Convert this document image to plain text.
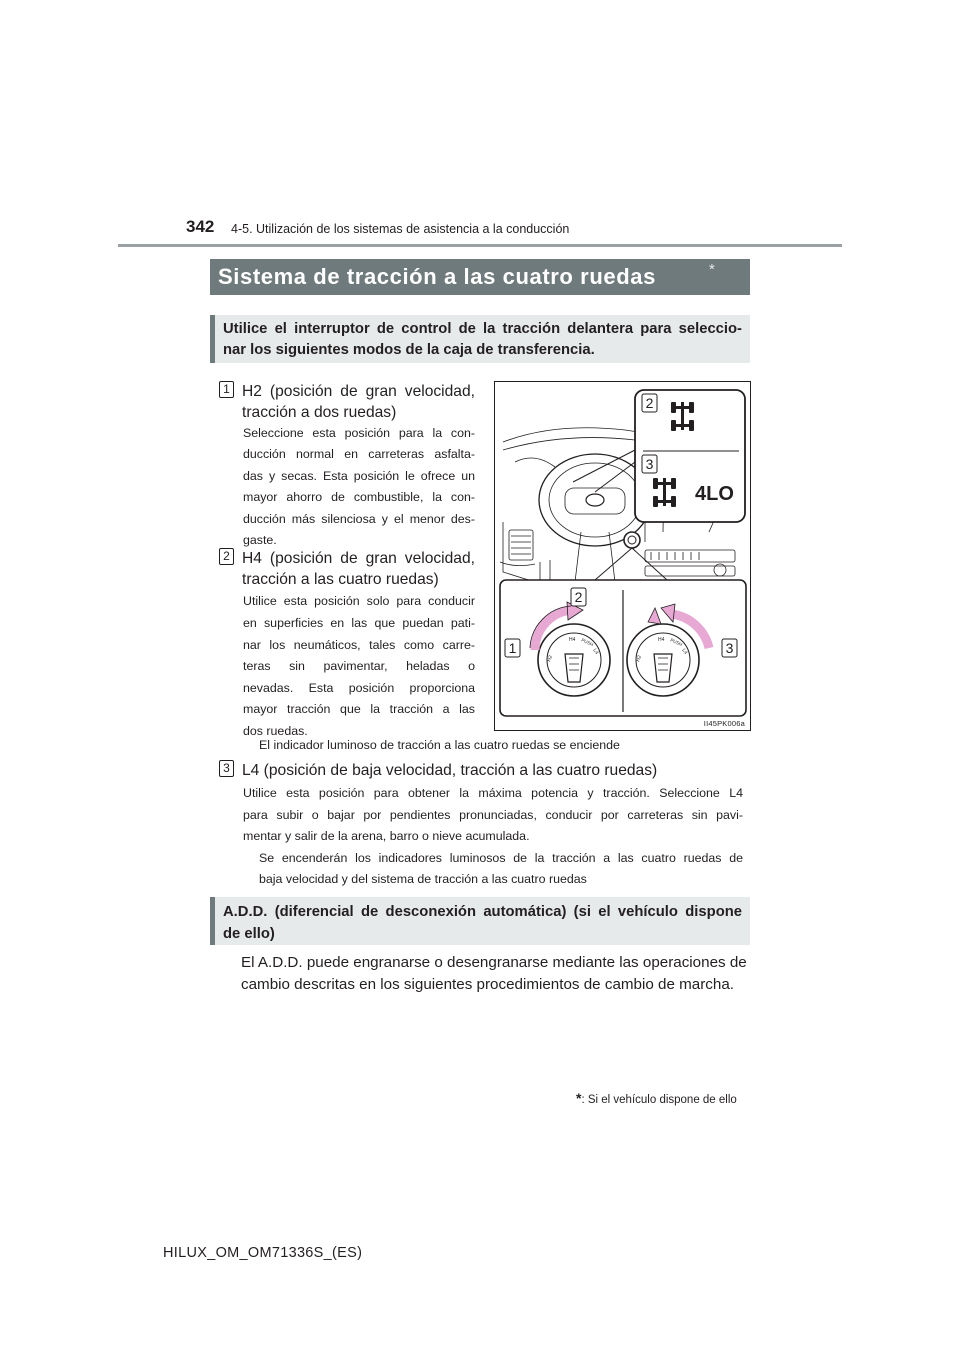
342 4-5. Utilización de los sistemas de asistencia a la conducción
Sistema de tracción a las cuatro ruedas	*
Utilice el interruptor de control de la tracción delantera para seleccio-
nar los siguientes modos de la caja de transferencia.
1 H2 (posición de gran velocidad,
tracción a dos ruedas)
Seleccione esta posición para la con-
ducción normal en carreteras asfalta-
das y secas. Esta posición le ofrece un
mayor ahorro de combustible, la con-
ducción más silenciosa y el menor des-
gaste.
2 H4 (posición de gran velocidad,
tracción a las cuatro ruedas)
Utilice esta posición solo para conducir
en superficies en las que puedan pati-
nar los neumáticos, tales como carre-
teras sin pavimentar, heladas o
nevadas. Esta posición proporciona
mayor tracción que la tracción a las
dos ruedas.
El indicador luminoso de tracción a las cuatro ruedas se enciende
4LO
2
3
H2
H4 PUSH
L4
H2
H4 PUSH
L4
2
1	3
II45PK006a
3 L4 (posición de baja velocidad, tracción a las cuatro ruedas)
Utilice esta posición para obtener la máxima potencia y tracción. Seleccione L4
para subir o bajar por pendientes pronunciadas, conducir por carreteras sin pavi-
mentar y salir de la arena, barro o nieve acumulada.
Se encenderán los indicadores luminosos de la tracción a las cuatro ruedas de
baja velocidad y del sistema de tracción a las cuatro ruedas
A.D.D. (diferencial de desconexión automática) (si el vehículo dispone
de ello)
El A.D.D. puede engranarse o desengranarse mediante las operaciones de
cambio descritas en los siguientes procedimientos de cambio de marcha.
*: Si el vehículo dispone de ello
HILUX_OM_OM71336S_(ES)
